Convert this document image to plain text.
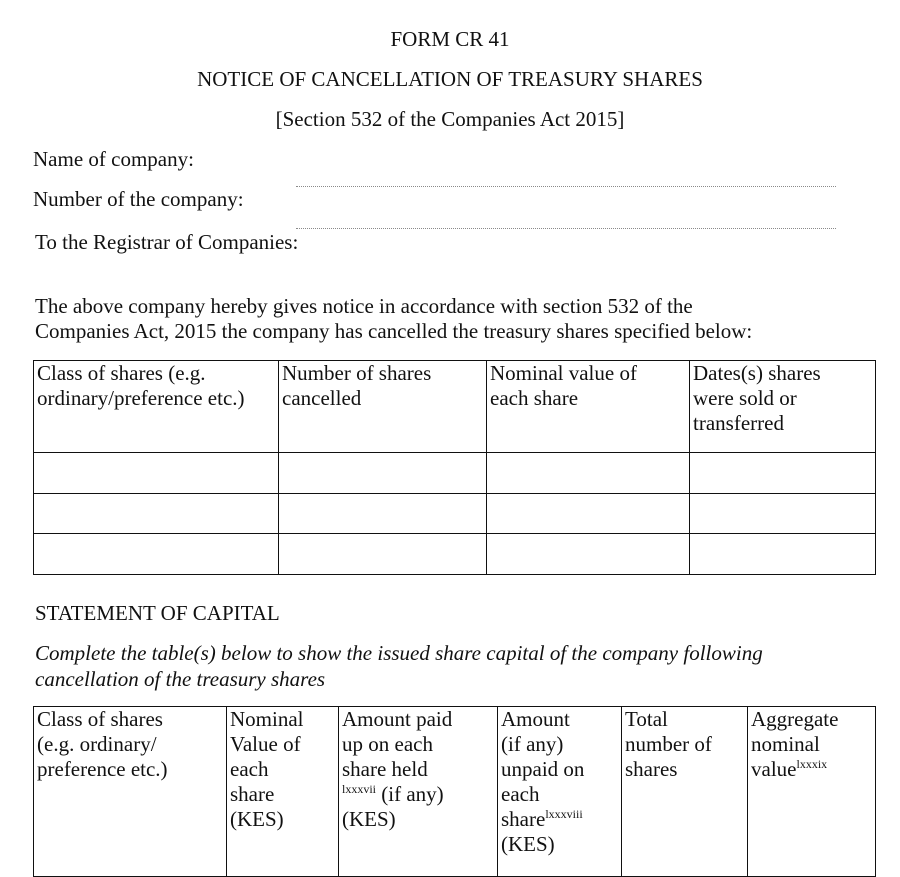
FORM CR 41
NOTICE OF CANCELLATION OF TREASURY SHARES
[Section 532 of the Companies Act 2015]
Name of company:
Number of the company:
To the Registrar of Companies:
The above company hereby gives notice in accordance with section 532 of the
Companies Act, 2015 the company has cancelled the treasury shares specified below:
Class of shares (e.g.
ordinary/preference etc.)

Number of shares
cancelled

Nominal value of
each share

Dates(s) shares
were sold or
transferred

STATEMENT OF CAPITAL
Complete the table(s) below to show the issued share capital of the company following
cancellation of the treasury shares
Class of shares
(e.g. ordinary/
preference etc.)

Nominal
Value of
each
share
(KES)

Amount paid
up on each
share held
$^{lxxxvii}$ (if any)
(KES)

Amount
(if any)
unpaid on
each
share$^{lxxxviii}$
(KES)

Total
number of
shares

Aggregate
nominal
value$^{lxxxix}$
